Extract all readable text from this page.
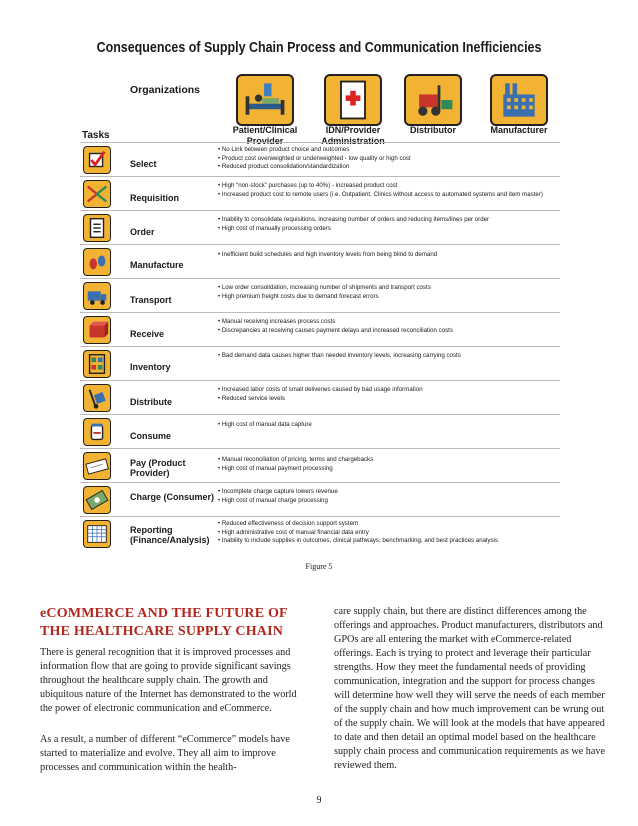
Consequences of Supply Chain Process and Communication Inefficiencies
Organizations
Patient/Clinical Provider
IDN/Provider Administration
Distributor	Manufacturer
Tasks
Select
• No Link between product choice and outcomes
• Product cost overweighted or underweighted - low quality or high cost
• Reduced product consolidation/standardization
Requisition
• High “non-stock” purchases (up to 40%) - increased product cost
• Increased product cost to remote users (i.e. Outpatient, Clinics without access to automated systems and item master)
Order
• Inability to consolidate requisitions, increasing number of orders and reducing items/lines per order
• High cost of manually processing orders
Manufacture
• Inefficient build schedules and high inventory levels from being blind to demand
Transport
• Low order consolidation, increasing number of shipments and transport costs
• High premium freight costs due to demand forecast errors
Receive
• Manual receiving increases process costs
• Discrepancies at receiving causes payment delays and increased reconciliation costs
Inventory
• Bad demand data causes higher than needed inventory levels, increasing carrying costs
Distribute
• Increased labor costs of small deliveries caused by bad usage information
• Reduced service levels
Consume
• High cost of manual data capture
Pay (Product Provider)
• Manual reconciliation of pricing, terms and chargebacks
• High cost of manual payment processing
Charge (Consumer)
• Incomplete charge capture lowers revenue
• High cost of manual charge processing
Reporting (Finance/Analysis)
• Reduced effectiveness of decision support system
• High administrative cost of manual financial data entry
• Inability to include supplies in outcomes, clinical pathways, benchmarking, and best practices analysis
Figure 5
eCOMMERCE AND THE FUTURE OF THE HEALTHCARE SUPPLY CHAIN
There is general recognition that it is improved processes and information flow that are going to provide significant savings throughout the healthcare supply chain. The growth and ubiquitous nature of the Internet has demonstrated to the world the power of electronic communication and eCommerce.
As a result, a number of different “eCommerce” models have started to materialize and evolve. They all aim to improve processes and communication within the health-
care supply chain, but there are distinct differences among the offerings and approaches. Product manufacturers, distributors and GPOs are all entering the market with eCommerce-related offerings. Each is trying to protect and leverage their particular strengths. How they meet the fundamental needs of providing communication, integration and the support for process changes will determine how well they will serve the needs of each member of the supply chain and how much improvement can be wrung out of the supply chain. We will look at the models that have appeared to date and then detail an optimal model based on the healthcare supply chain process and communication requirements as we have reviewed them.
9
